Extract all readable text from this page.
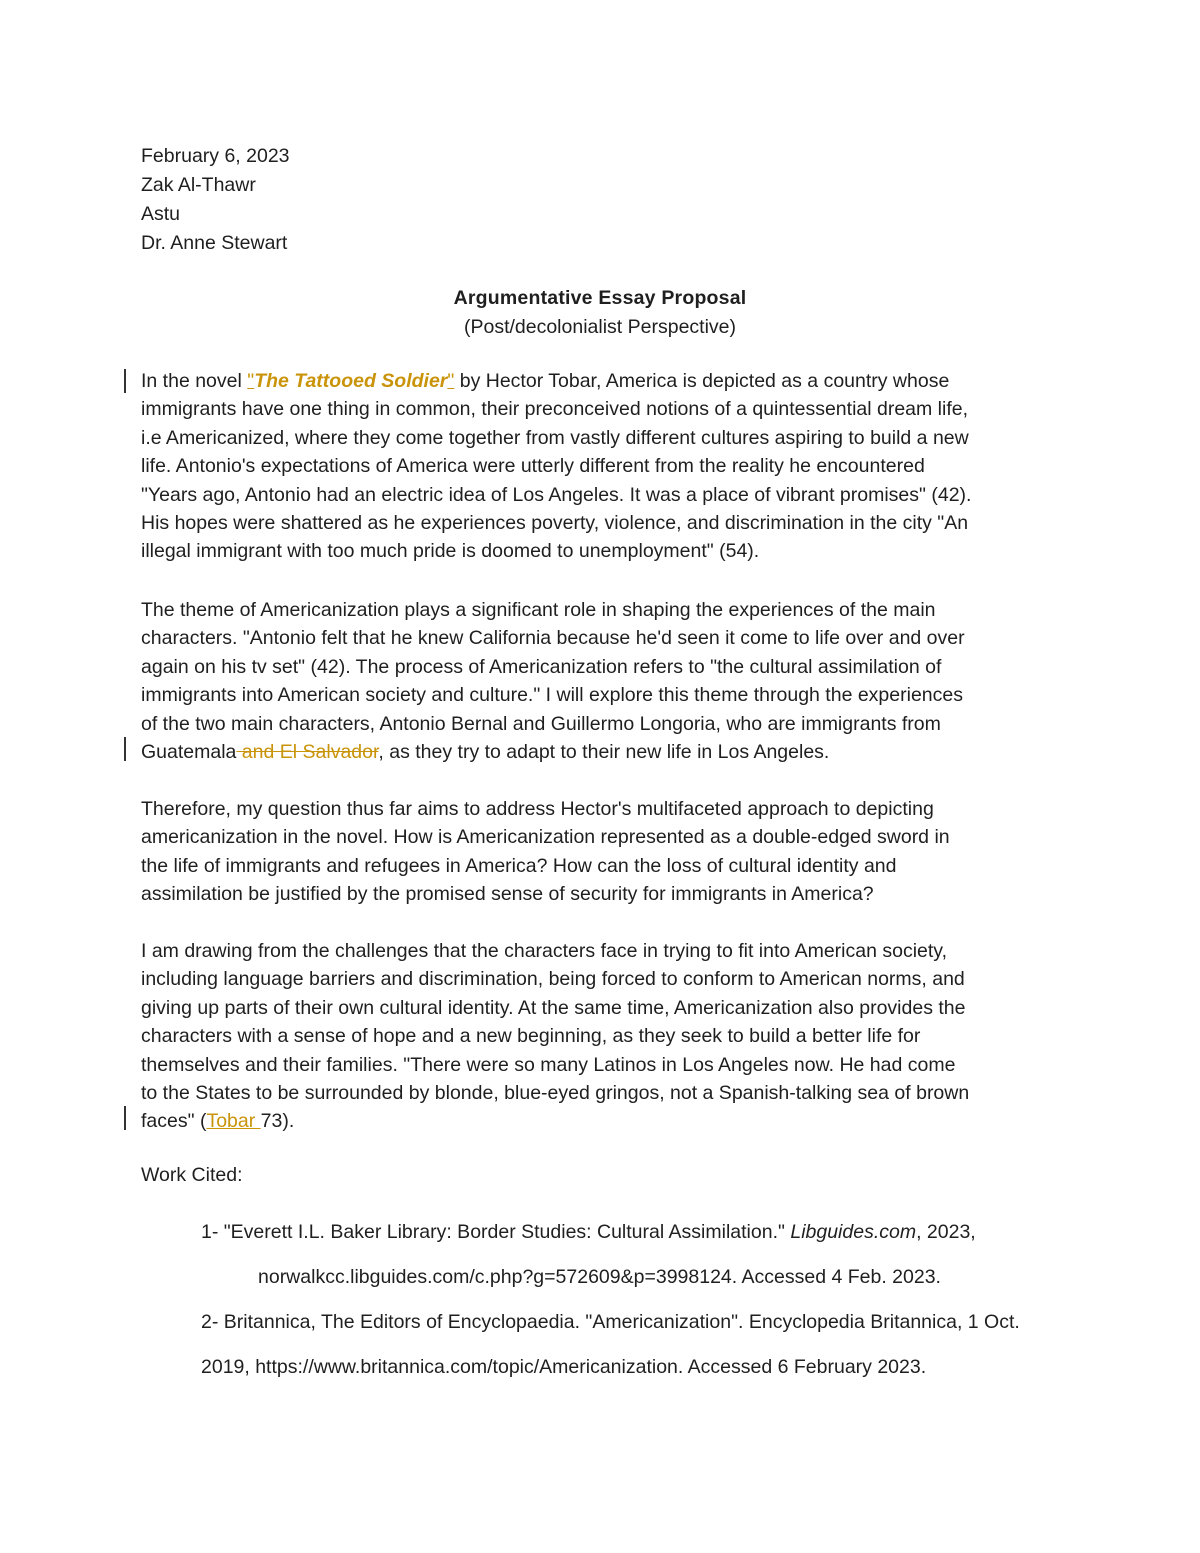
February 6, 2023
Zak Al-Thawr
Astu
Dr. Anne Stewart
Argumentative Essay Proposal
(Post/decolonialist Perspective)
In the novel "The Tattooed Soldier" by Hector Tobar, America is depicted as a country whose
immigrants have one thing in common, their preconceived notions of a quintessential dream life,
i.e Americanized, where they come together from vastly different cultures aspiring to build a new
life. Antonio's expectations of America were utterly different from the reality he encountered
"Years ago, Antonio had an electric idea of Los Angeles. It was a place of vibrant promises" (42).
His hopes were shattered as he experiences poverty, violence, and discrimination in the city "An
illegal immigrant with too much pride is doomed to unemployment" (54).
The theme of Americanization plays a significant role in shaping the experiences of the main
characters. "Antonio felt that he knew California because he'd seen it come to life over and over
again on his tv set" (42). The process of Americanization refers to "the cultural assimilation of
immigrants into American society and culture." I will explore this theme through the experiences
of the two main characters, Antonio Bernal and Guillermo Longoria, who are immigrants from
Guatemala and El Salvador, as they try to adapt to their new life in Los Angeles.
Therefore, my question thus far aims to address Hector's multifaceted approach to depicting
americanization in the novel. How is Americanization represented as a double-edged sword in
the life of immigrants and refugees in America? How can the loss of cultural identity and
assimilation be justified by the promised sense of security for immigrants in America?
I am drawing from the challenges that the characters face in trying to fit into American society,
including language barriers and discrimination, being forced to conform to American norms, and
giving up parts of their own cultural identity. At the same time, Americanization also provides the
characters with a sense of hope and a new beginning, as they seek to build a better life for
themselves and their families. "There were so many Latinos in Los Angeles now. He had come
to the States to be surrounded by blonde, blue-eyed gringos, not a Spanish-talking sea of brown
faces" (Tobar 73).
Work Cited:
1- "Everett I.L. Baker Library: Border Studies: Cultural Assimilation." Libguides.com, 2023,
norwalkcc.libguides.com/c.php?g=572609&p=3998124. Accessed 4 Feb. 2023.
2- Britannica, The Editors of Encyclopaedia. "Americanization". Encyclopedia Britannica, 1 Oct.
2019, https://www.britannica.com/topic/Americanization. Accessed 6 February 2023.
